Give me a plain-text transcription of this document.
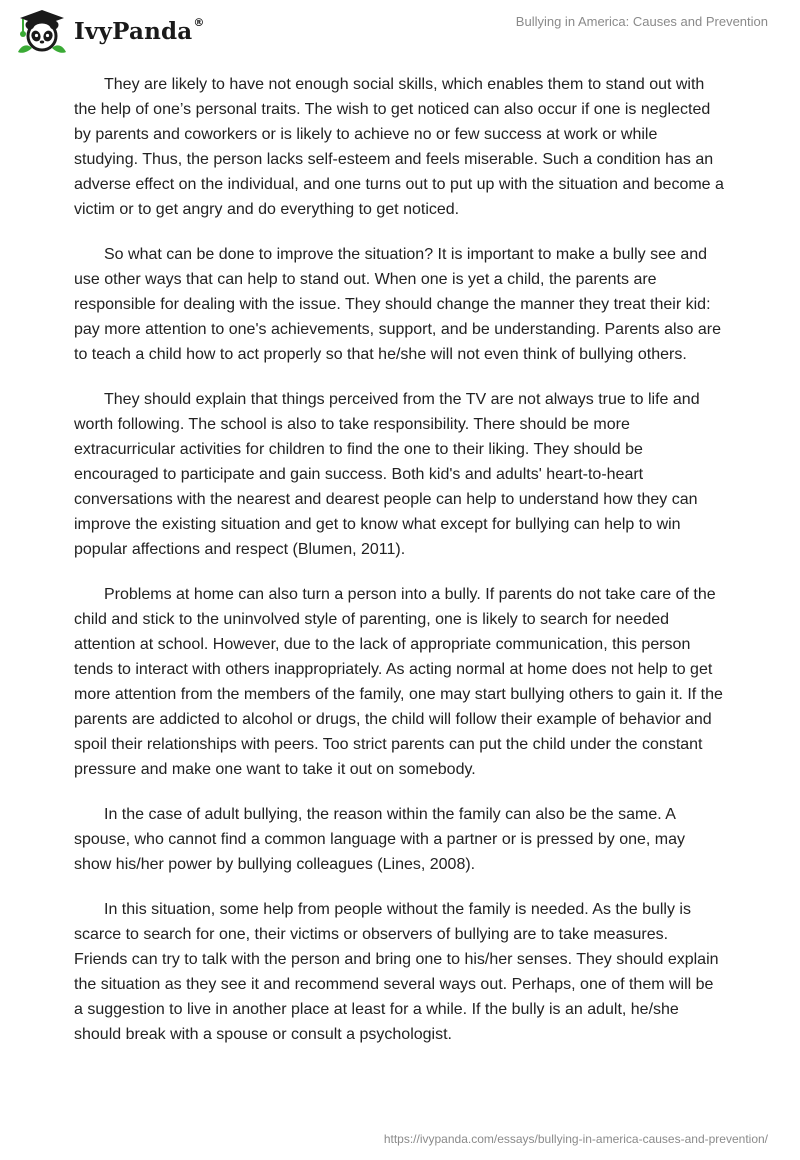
IvyPanda®	Bullying in America: Causes and Prevention

They are likely to have not enough social skills, which enables them to stand out with the help of one’s personal traits. The wish to get noticed can also occur if one is neglected by parents and coworkers or is likely to achieve no or few success at work or while studying. Thus, the person lacks self-esteem and feels miserable. Such a condition has an adverse effect on the individual, and one turns out to put up with the situation and become a victim or to get angry and do everything to get noticed.

So what can be done to improve the situation? It is important to make a bully see and use other ways that can help to stand out. When one is yet a child, the parents are responsible for dealing with the issue. They should change the manner they treat their kid: pay more attention to one's achievements, support, and be understanding. Parents also are to teach a child how to act properly so that he/she will not even think of bullying others.

They should explain that things perceived from the TV are not always true to life and worth following. The school is also to take responsibility. There should be more extracurricular activities for children to find the one to their liking. They should be encouraged to participate and gain success. Both kid's and adults' heart-to-heart conversations with the nearest and dearest people can help to understand how they can improve the existing situation and get to know what except for bullying can help to win popular affections and respect (Blumen, 2011).

Problems at home can also turn a person into a bully. If parents do not take care of the child and stick to the uninvolved style of parenting, one is likely to search for needed attention at school. However, due to the lack of appropriate communication, this person tends to interact with others inappropriately. As acting normal at home does not help to get more attention from the members of the family, one may start bullying others to gain it. If the parents are addicted to alcohol or drugs, the child will follow their example of behavior and spoil their relationships with peers. Too strict parents can put the child under the constant pressure and make one want to take it out on somebody.

In the case of adult bullying, the reason within the family can also be the same. A spouse, who cannot find a common language with a partner or is pressed by one, may show his/her power by bullying colleagues (Lines, 2008).

In this situation, some help from people without the family is needed. As the bully is scarce to search for one, their victims or observers of bullying are to take measures. Friends can try to talk with the person and bring one to his/her senses. They should explain the situation as they see it and recommend several ways out. Perhaps, one of them will be a suggestion to live in another place at least for a while. If the bully is an adult, he/she should break with a spouse or consult a psychologist.

https://ivypanda.com/essays/bullying-in-america-causes-and-prevention/
